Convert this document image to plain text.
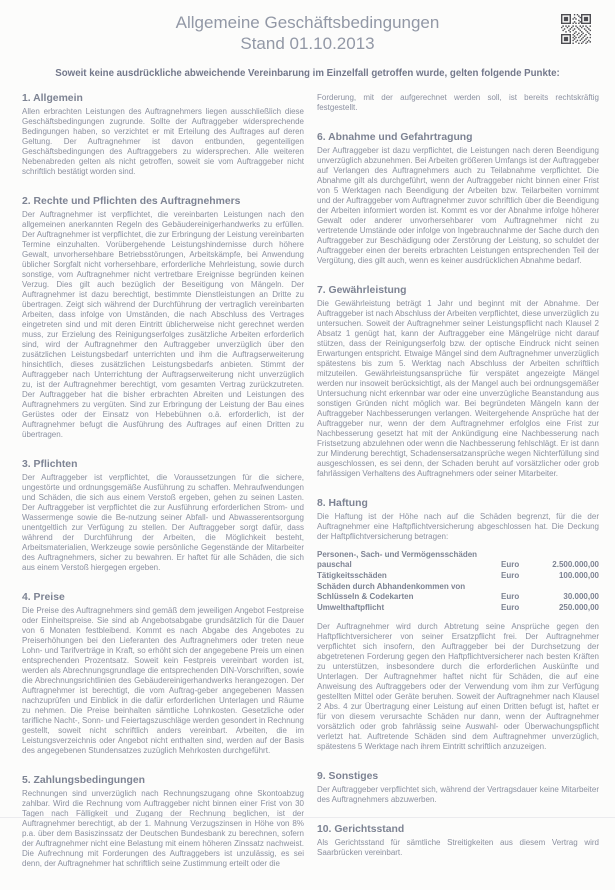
Allgemeine Geschäftsbedingungen
Stand 01.10.2013
Soweit keine ausdrückliche abweichende Vereinbarung im Einzelfall getroffen wurde, gelten folgende Punkte:
1. Allgemein

Allen erbrachten Leistungen des Auftragnehmers liegen ausschließlich diese Geschäftsbedingungen zugrunde. Sollte der Auftraggeber widersprechende Bedingungen haben, so verzichtet er mit Erteilung des Auftrages auf deren Geltung. Der Auftragnehmer ist davon entbunden, gegenteiligen Geschäftsbedingungen des Auftraggebers zu widersprechen. Alle weiteren Nebenabreden gelten als nicht getroffen, soweit sie vom Auftraggeber nicht schriftlich bestätigt worden sind.

2. Rechte und Pflichten des Auftragnehmers

Der Auftragnehmer ist verpflichtet, die vereinbarten Leistungen nach den allgemeinen anerkannten Regeln des Gebäudereinigerhandwerks zu erfüllen. Der Auftragnehmer ist verpflichtet, die zur Erbringung der Leistung vereinbarten Termine einzuhalten. Vorübergehende Leistungshindernisse durch höhere Gewalt, unvorhersehbare Betriebsstörungen, Arbeitskämpfe, bei Anwendung üblicher Sorgfalt nicht vorhersehbare, erforderliche Mehrleistung, sowie durch sonstige, vom Auftragnehmer nicht vertretbare Ereignisse begründen keinen Verzug. Dies gilt auch bezüglich der Beseitigung von Mängeln. Der Auftragnehmer ist dazu berechtigt, bestimmte Dienstleistungen an Dritte zu übertragen. Zeigt sich während der Durchführung der vertraglich vereinbarten Arbeiten, dass infolge von Umständen, die nach Abschluss des Vertrages eingetreten sind und mit deren Eintritt üblicherweise nicht gerechnet werden muss, zur Erzielung des Reinigungserfolges zusätzliche Arbeiten erforderlich sind, wird der Auftragnehmer den Auftraggeber unverzüglich über den zusätzlichen Leistungsbedarf unterrichten und ihm die Auftragserweiterung hinsichtlich, dieses zusätzlichen Leistungsbedarfs anbieten. Stimmt der Auftraggeber nach Unterrichtung der Auftragserweiterung nicht unverzüglich zu, ist der Auftragnehmer berechtigt, vom gesamten Vertrag zurückzutreten. Der Auftraggeber hat die bisher erbrachten Abreiten und Leistungen des Auftragnehmers zu vergüten. Sind zur Erbringung der Leistung der Bau eines Gerüstes oder der Einsatz von Hebebühnen o.ä. erforderlich, ist der Auftragnehmer befugt die Ausführung des Auftrages auf einen Dritten zu übertragen.

3. Pflichten

Der Auftraggeber ist verpflichtet, die Voraussetzungen für die sichere, ungestörte und ordnungsgemäße Ausführung zu schaffen. Mehraufwendungen und Schäden, die sich aus einem Verstoß ergeben, gehen zu seinen Lasten. Der Auftraggeber ist verpflichtet die zur Ausführung erforderlichen Strom- und Wassermenge sowie die Be-nutzung seiner Abfall- und Abwasserentsorgung unentgeltlich zur Verfügung zu stellen. Der Auftraggeber sorgt dafür, dass während der Durchführung der Arbeiten, die Möglichkeit besteht, Arbeitsmaterialien, Werkzeuge sowie persönliche Gegenstände der Mitarbeiter des Auftragnehmers, sicher zu bewahren. Er haftet für alle Schäden, die sich aus einem Verstoß hiergegen ergeben.

4. Preise

Die Preise des Auftragnehmers sind gemäß dem jeweiligen Angebot Festpreise oder Einheitspreise. Sie sind ab Angebotsabgabe grundsätzlich für die Dauer von 6 Monaten festbleibend. Kommt es nach Abgabe des Angebotes zu Preiserhöhungen bei den Lieferanten des Auftragnehmers oder treten neue Lohn- und Tarifverträge in Kraft, so erhöht sich der angegebene Preis um einen entsprechenden Prozentsatz. Soweit kein Festpreis vereinbart worden ist, werden als Abrechnungsgrundlage die entsprechenden DIN-Vorschriften, sowie die Abrechnungsrichtlinien des Gebäudereinigerhandwerks herangezogen. Der Auftragnehmer ist berechtigt, die vom Auftrag-geber angegebenen Massen nachzuprüfen und Einblick in die dafür erforderlichen Unterlagen und Räume zu nehmen. Die Preise beinhalten sämtliche Lohnkosten. Gesetzliche oder tarifliche Nacht-, Sonn- und Feiertagszuschläge werden gesondert in Rechnung gestellt, soweit nicht schriftlich anders vereinbart. Arbeiten, die im Leistungsverzeichnis oder Angebot nicht enthalten sind, werden auf der Basis des angegebenen Stundensatzes zuzüglich Mehrkosten durchgeführt.

5. Zahlungsbedingungen

Rechnungen sind unverzüglich nach Rechnungszugang ohne Skontoabzug zahlbar. Wird die Rechnung vom Auftraggeber nicht binnen einer Frist von 30 Tagen nach Fälligkeit und Zugang der Rechnung beglichen, ist der Auftragnehmer berechtigt, ab der 1. Mahnung Verzugszinsen in Höhe von 8% p.a. über dem Basiszinssatz der Deutschen Bundesbank zu berechnen, sofern der Auftragnehmer nicht eine Belastung mit einem höheren Zinssatz nachweist. Die Aufrechnung mit Forderungen des Auftraggebers ist unzulässig, es sei denn, der Auftragnehmer hat schriftlich seine Zustimmung erteilt oder die

Forderung, mit der aufgerechnet werden soll, ist bereits rechtskräftig festgestellt.

6. Abnahme und Gefahrtragung

Der Auftraggeber ist dazu verpflichtet, die Leistungen nach deren Beendigung unverzüglich abzunehmen. Bei Arbeiten größeren Umfangs ist der Auftraggeber auf Verlangen des Auftragnehmers auch zu Teilabnahme verpflichtet. Die Abnahme gilt als durchgeführt, wenn der Auftraggeber nicht binnen einer Frist von 5 Werktagen nach Beendigung der Arbeiten bzw. Teilarbeiten vornimmt und der Auftraggeber vom Auftragnehmer zuvor schriftlich über die Beendigung der Arbeiten informiert worden ist. Kommt es vor der Abnahme infolge höherer Gewalt oder anderer unvorhersehbarer vom Auftragnehmer nicht zu vertretende Umstände oder infolge von Ingebrauchnahme der Sache durch den Auftraggeber zur Beschädigung oder Zerstörung der Leistung, so schuldet der Auftraggeber einen der bereits erbrachten Leistungen entsprechenden Teil der Vergütung, dies gilt auch, wenn es keiner ausdrücklichen Abnahme bedarf.

7. Gewährleistung

Die Gewährleistung beträgt 1 Jahr und beginnt mit der Abnahme. Der Auftraggeber ist nach Abschluss der Arbeiten verpflichtet, diese unverzüglich zu untersuchen. Soweit der Auftragnehmer seiner Leistungspflicht nach Klausel 2 Absatz 1 genügt hat, kann der Auftraggeber eine Mängelrüge nicht darauf stützen, dass der Reinigungserfolg bzw. der optische Eindruck nicht seinen Erwartungen entspricht. Etwaige Mängel sind dem Auftragnehmer unverzüglich spätestens bis zum 5. Werktag nach Abschluss der Arbeiten schriftlich mitzuteilen. Gewährleistungsansprüche für verspätet angezeigte Mängel werden nur insoweit berücksichtigt, als der Mangel auch bei ordnungsgemäßer Untersuchung nicht erkennbar war oder eine unverzügliche Beanstandung aus sonstigen Gründen nicht möglich war. Bei begründeten Mängeln kann der Auftraggeber Nachbesserungen verlangen. Weitergehende Ansprüche hat der Auftraggeber nur, wenn der dem Auftragnehmer erfolglos eine Frist zur Nachbesserung gesetzt hat mit der Ankündigung eine Nachbesserung nach Fristsetzung abzulehnen oder wenn die Nachbesserung fehlschlägt. Er ist dann zur Minderung berechtigt, Schadensersatzansprüche wegen Nichterfüllung sind ausgeschlossen, es sei denn, der Schaden beruht auf vorsätzlicher oder grob fahrlässigen Verhaltens des Auftragnehmers oder seiner Mitarbeiter.

8. Haftung

Die Haftung ist der Höhe nach auf die Schäden begrenzt, für die der Auftragnehmer eine Haftpflichtversicherung abgeschlossen hat. Die Deckung der Haftpflichtversicherung betragen:

Personen-, Sach- und Vermögensschäden pauschal	Euro	2.500.000,00
Tätigkeitsschäden	Euro	100.000,00
Schäden durch Abhandenkommen von Schlüsseln & Codekarten	Euro	30.000,00
Umwelthaftpflicht	Euro	250.000,00

Der Auftragnehmer wird durch Abtretung seine Ansprüche gegen den Haftpflichtversicherer von seiner Ersatzpflicht frei. Der Auftragnehmer verpflichtet sich insofern, den Auftraggeber bei der Durchsetzung der abgetretenen Forderung gegen den Haftpflichtversicherer nach besten Kräften zu unterstützen, insbesondere durch die erforderlichen Auskünfte und Unterlagen. Der Auftragnehmer haftet nicht für Schäden, die auf eine Anweisung des Auftraggebers oder der Verwendung vom ihm zur Verfügung gestellten Mittel oder Geräte beruhen. Soweit der Auftragnehmer nach Klausel 2 Abs. 4 zur Übertragung einer Leistung auf einen Dritten befugt ist, haftet er für von diesem verursachte Schäden nur dann, wenn der Auftragnehmer vorsätzlich oder grob fahrlässig seine Auswahl- oder Überwachungspflicht verletzt hat. Auftretende Schäden sind dem Auftragnehmer unverzüglich, spätestens 5 Werktage nach ihrem Eintritt schriftlich anzuzeigen.

9. Sonstiges

Der Auftraggeber verpflichtet sich, während der Vertragsdauer keine Mitarbeiter des Auftragnehmers abzuwerben.

10. Gerichtsstand

Als Gerichtsstand für sämtliche Streitigkeiten aus diesem Vertrag wird Saarbrücken vereinbart.
